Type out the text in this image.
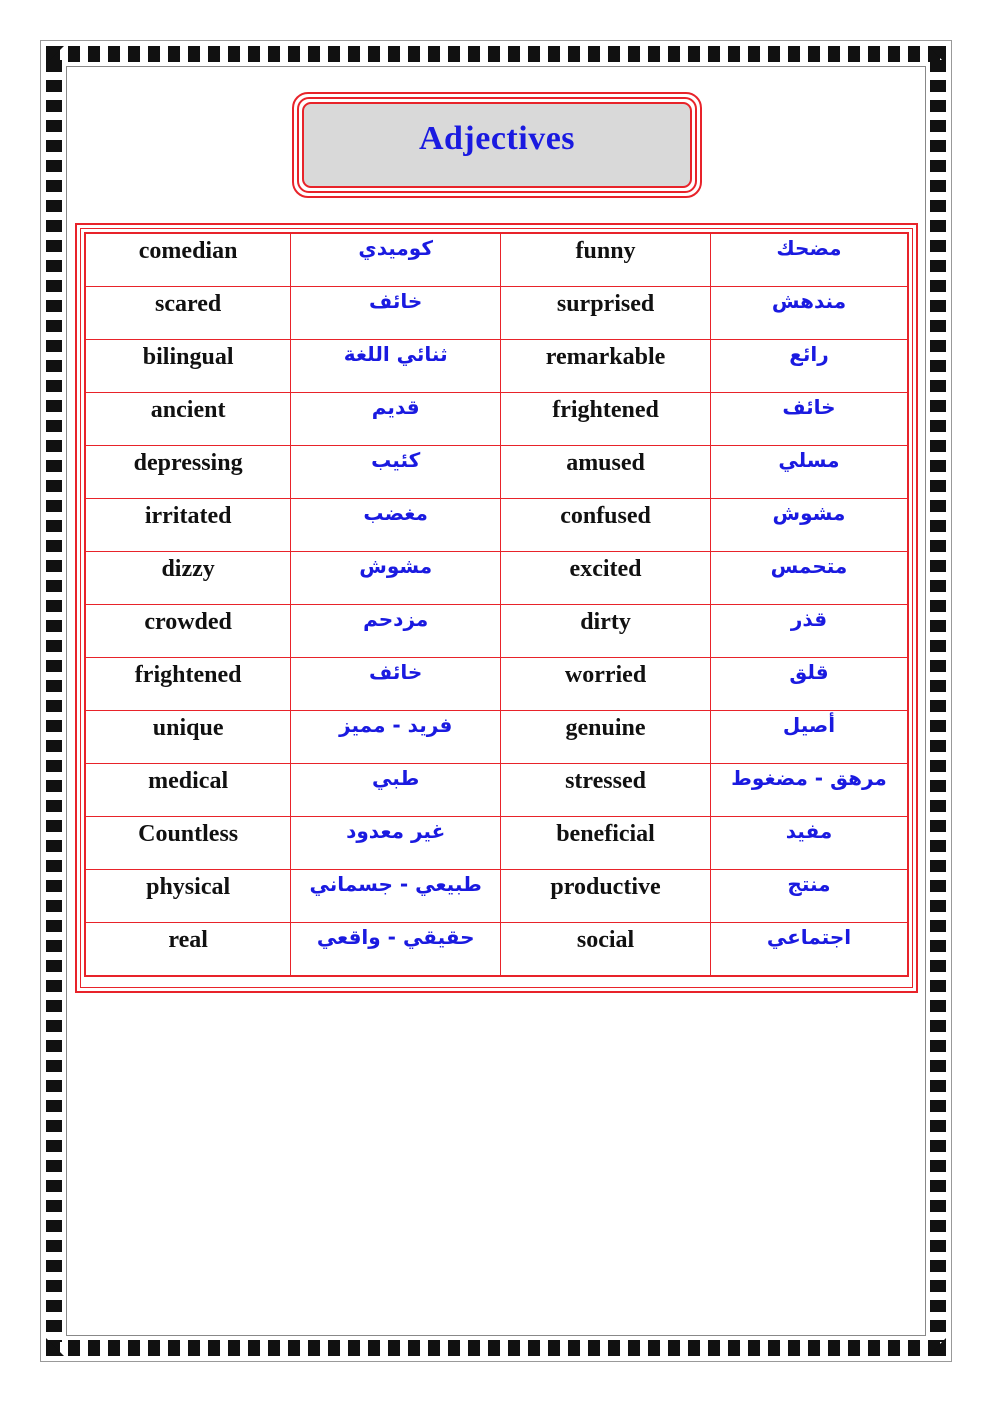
Adjectives
comedian	كوميدي	funny	مضحك

scared	خائف	surprised	مندهش

bilingual	ثنائي اللغة	remarkable	رائع

ancient	قديم	frightened	خائف

depressing	كئيب	amused	مسلي

irritated	مغضب	confused	مشوش

dizzy	مشوش	excited	متحمس

crowded	مزدحم	dirty	قذر

frightened	خائف	worried	قلق

unique	فريد - مميز	genuine	أصيل

medical	طبي	stressed	مرهق - مضغوط

Countless	غير معدود	beneficial	مفيد

physical	طبيعي - جسماني	productive	منتج

real	حقيقي - واقعي	social	اجتماعي
